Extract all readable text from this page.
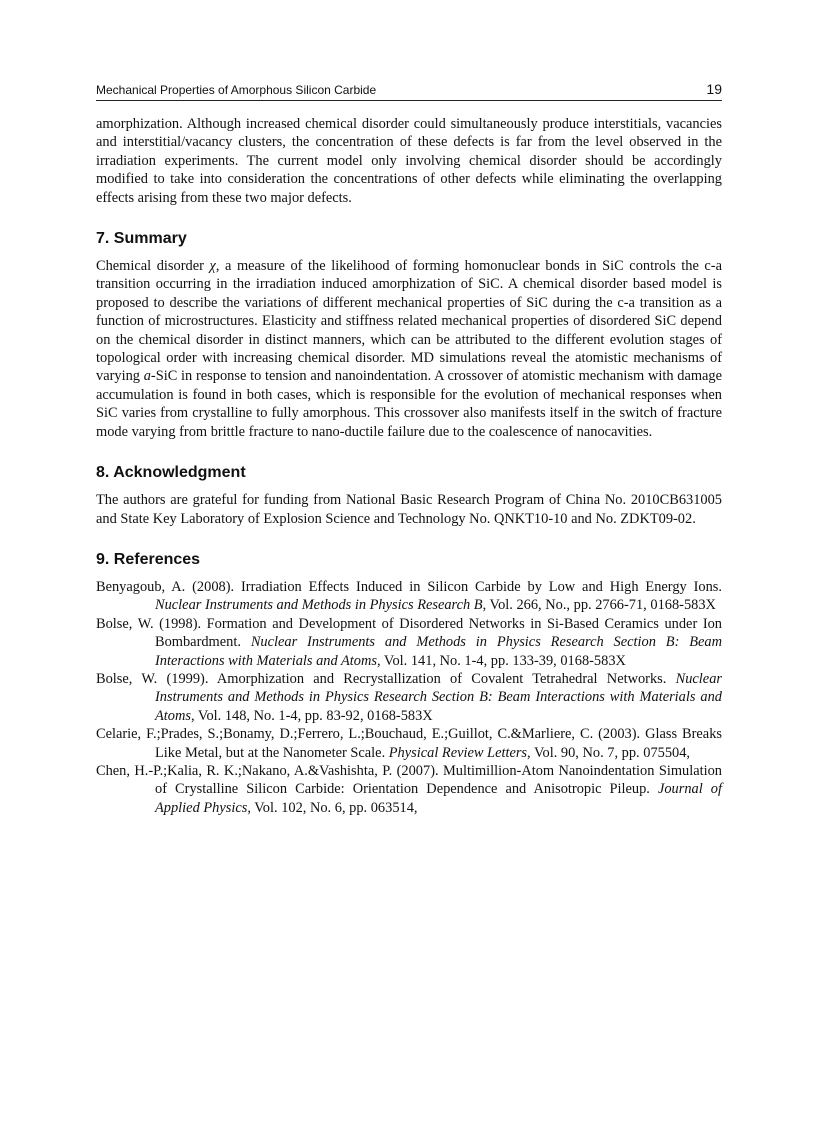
Mechanical Properties of Amorphous Silicon Carbide	19

amorphization. Although increased chemical disorder could simultaneously produce interstitials, vacancies and interstitial/vacancy clusters, the concentration of these defects is far from the level observed in the irradiation experiments. The current model only involving chemical disorder should be accordingly modified to take into consideration the concentrations of other defects while eliminating the overlapping effects arising from these two major defects.

7. Summary

Chemical disorder χ, a measure of the likelihood of forming homonuclear bonds in SiC controls the c-a transition occurring in the irradiation induced amorphization of SiC. A chemical disorder based model is proposed to describe the variations of different mechanical properties of SiC during the c-a transition as a function of microstructures. Elasticity and stiffness related mechanical properties of disordered SiC depend on the chemical disorder in distinct manners, which can be attributed to the different evolution stages of topological order with increasing chemical disorder. MD simulations reveal the atomistic mechanisms of varying a-SiC in response to tension and nanoindentation. A crossover of atomistic mechanism with damage accumulation is found in both cases, which is responsible for the evolution of mechanical responses when SiC varies from crystalline to fully amorphous. This crossover also manifests itself in the switch of fracture mode varying from brittle fracture to nano-ductile failure due to the coalescence of nanocavities.

8. Acknowledgment

The authors are grateful for funding from National Basic Research Program of China No. 2010CB631005 and State Key Laboratory of Explosion Science and Technology No. QNKT10-10 and No. ZDKT09-02.

9. References
Benyagoub, A. (2008). Irradiation Effects Induced in Silicon Carbide by Low and High Energy Ions. Nuclear Instruments and Methods in Physics Research B, Vol. 266, No., pp. 2766-71, 0168-583X
Bolse, W. (1998). Formation and Development of Disordered Networks in Si-Based Ceramics under Ion Bombardment. Nuclear Instruments and Methods in Physics Research Section B: Beam Interactions with Materials and Atoms, Vol. 141, No. 1-4, pp. 133-39, 0168-583X
Bolse, W. (1999). Amorphization and Recrystallization of Covalent Tetrahedral Networks. Nuclear Instruments and Methods in Physics Research Section B: Beam Interactions with Materials and Atoms, Vol. 148, No. 1-4, pp. 83-92, 0168-583X
Celarie, F.;Prades, S.;Bonamy, D.;Ferrero, L.;Bouchaud, E.;Guillot, C.&Marliere, C. (2003). Glass Breaks Like Metal, but at the Nanometer Scale. Physical Review Letters, Vol. 90, No. 7, pp. 075504,
Chen, H.-P.;Kalia, R. K.;Nakano, A.&Vashishta, P. (2007). Multimillion-Atom Nanoindentation Simulation of Crystalline Silicon Carbide: Orientation Dependence and Anisotropic Pileup. Journal of Applied Physics, Vol. 102, No. 6, pp. 063514,
